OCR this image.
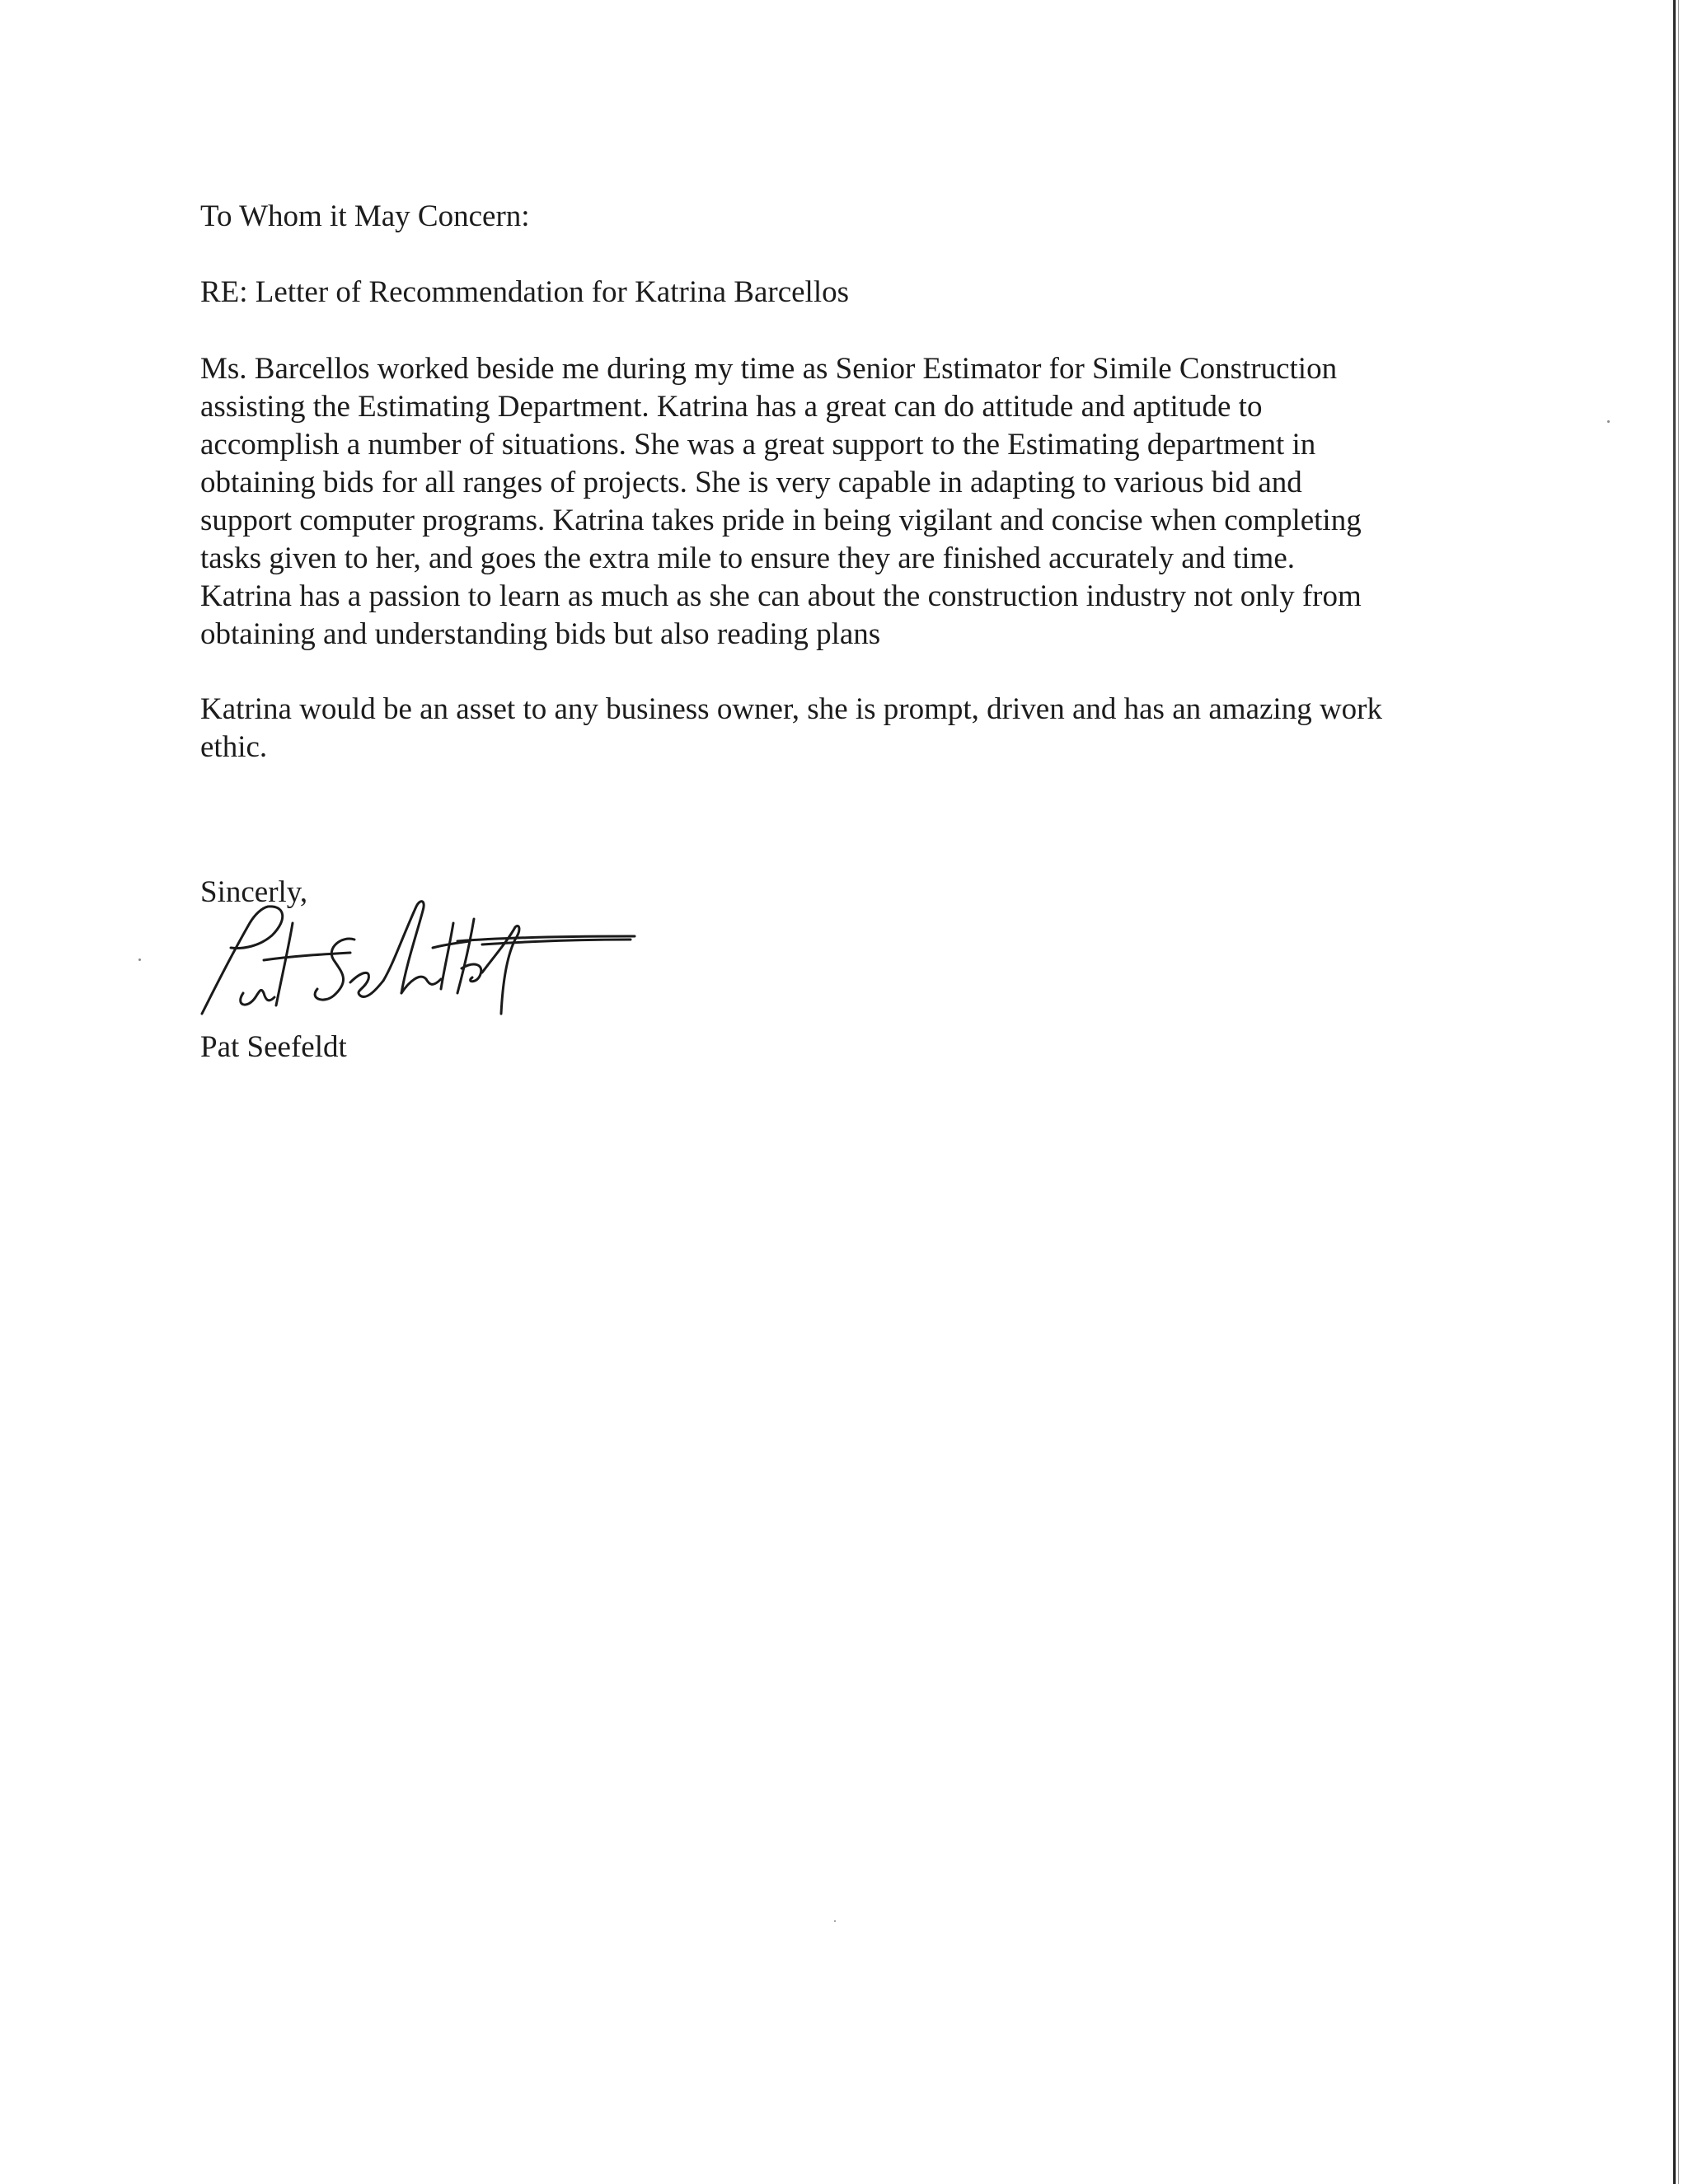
To Whom it May Concern:

RE: Letter of Recommendation for Katrina Barcellos

Ms. Barcellos worked beside me during my time as Senior Estimator for Simile Construction
assisting the Estimating Department. Katrina has a great can do attitude and aptitude to
accomplish a number of situations. She was a great support to the Estimating department in
obtaining bids for all ranges of projects. She is very capable in adapting to various bid and
support computer programs. Katrina takes pride in being vigilant and concise when completing
tasks given to her, and goes the extra mile to ensure they are finished accurately and time.
Katrina has a passion to learn as much as she can about the construction industry not only from
obtaining and understanding bids but also reading plans
Katrina would be an asset to any business owner, she is prompt, driven and has an amazing work
ethic.

Sincerly,

Pat Seefeldt
